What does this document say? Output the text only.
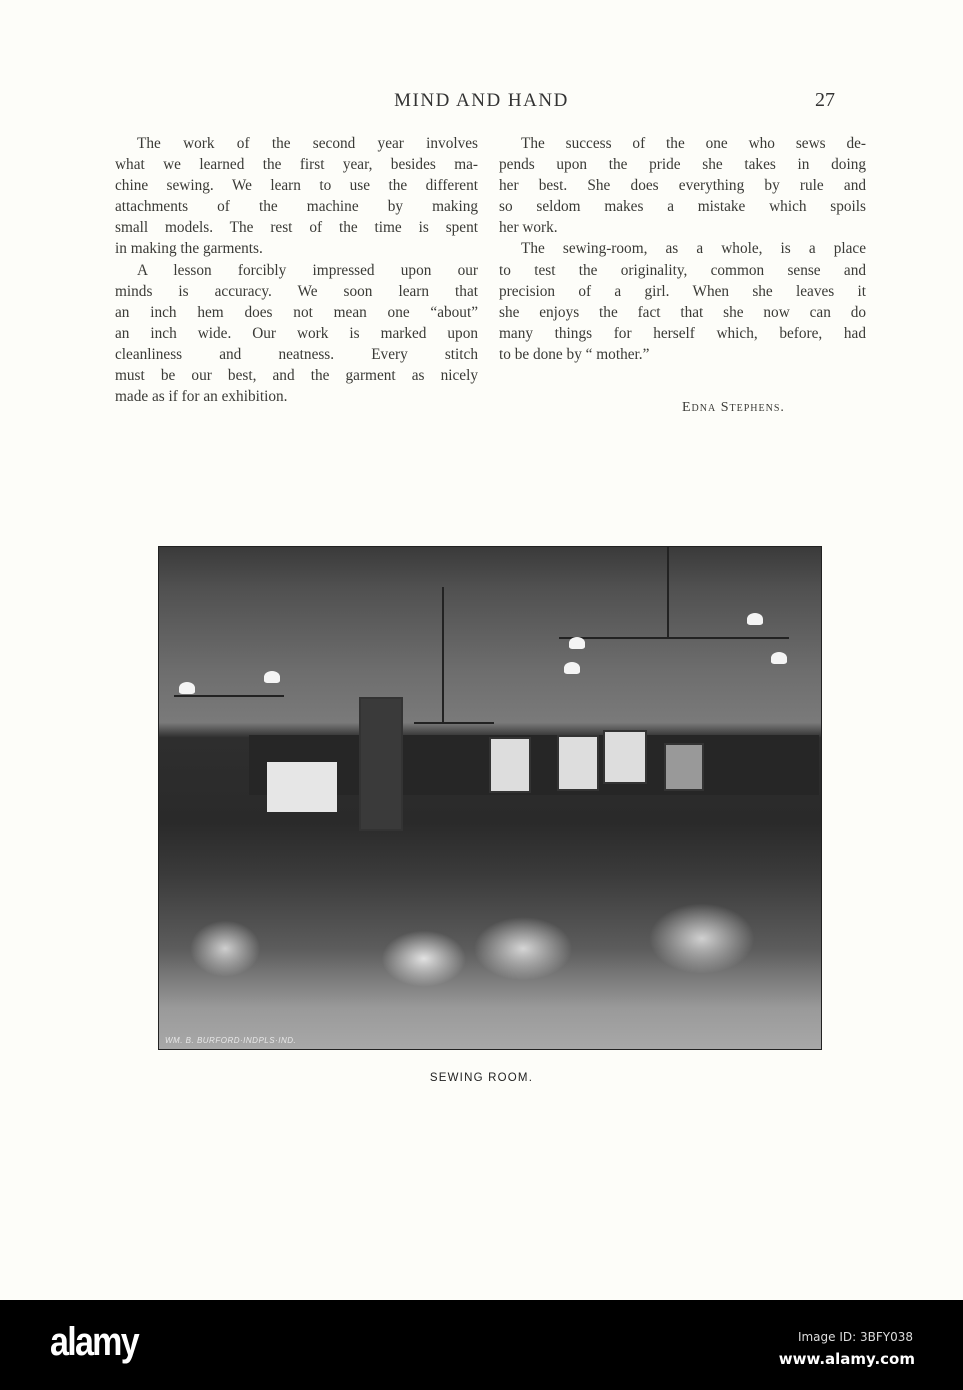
MIND AND HAND	27
The work of the second year involves
what we learned the first year, besides ma-
chine sewing. We learn to use the different
attachments of the machine by making
small models. The rest of the time is spent
in making the garments.
A lesson forcibly impressed upon our
minds is accuracy. We soon learn that
an inch hem does not mean one “about”
an inch wide. Our work is marked upon
cleanliness and neatness. Every stitch
must be our best, and the garment as nicely
made as if for an exhibition.
The success of the one who sews de-
pends upon the pride she takes in doing
her best. She does everything by rule and
so seldom makes a mistake which spoils
her work.
The sewing-room, as a whole, is a place
to test the originality, common sense and
precision of a girl. When she leaves it
she enjoys the fact that she now can do
many things for herself which, before, had
to be done by “ mother.”
Edna Stephens.
WM. B. BURFORD·INDPLS·IND.
SEWING ROOM.
alamy	Image ID: 3BFY038
www.alamy.com
